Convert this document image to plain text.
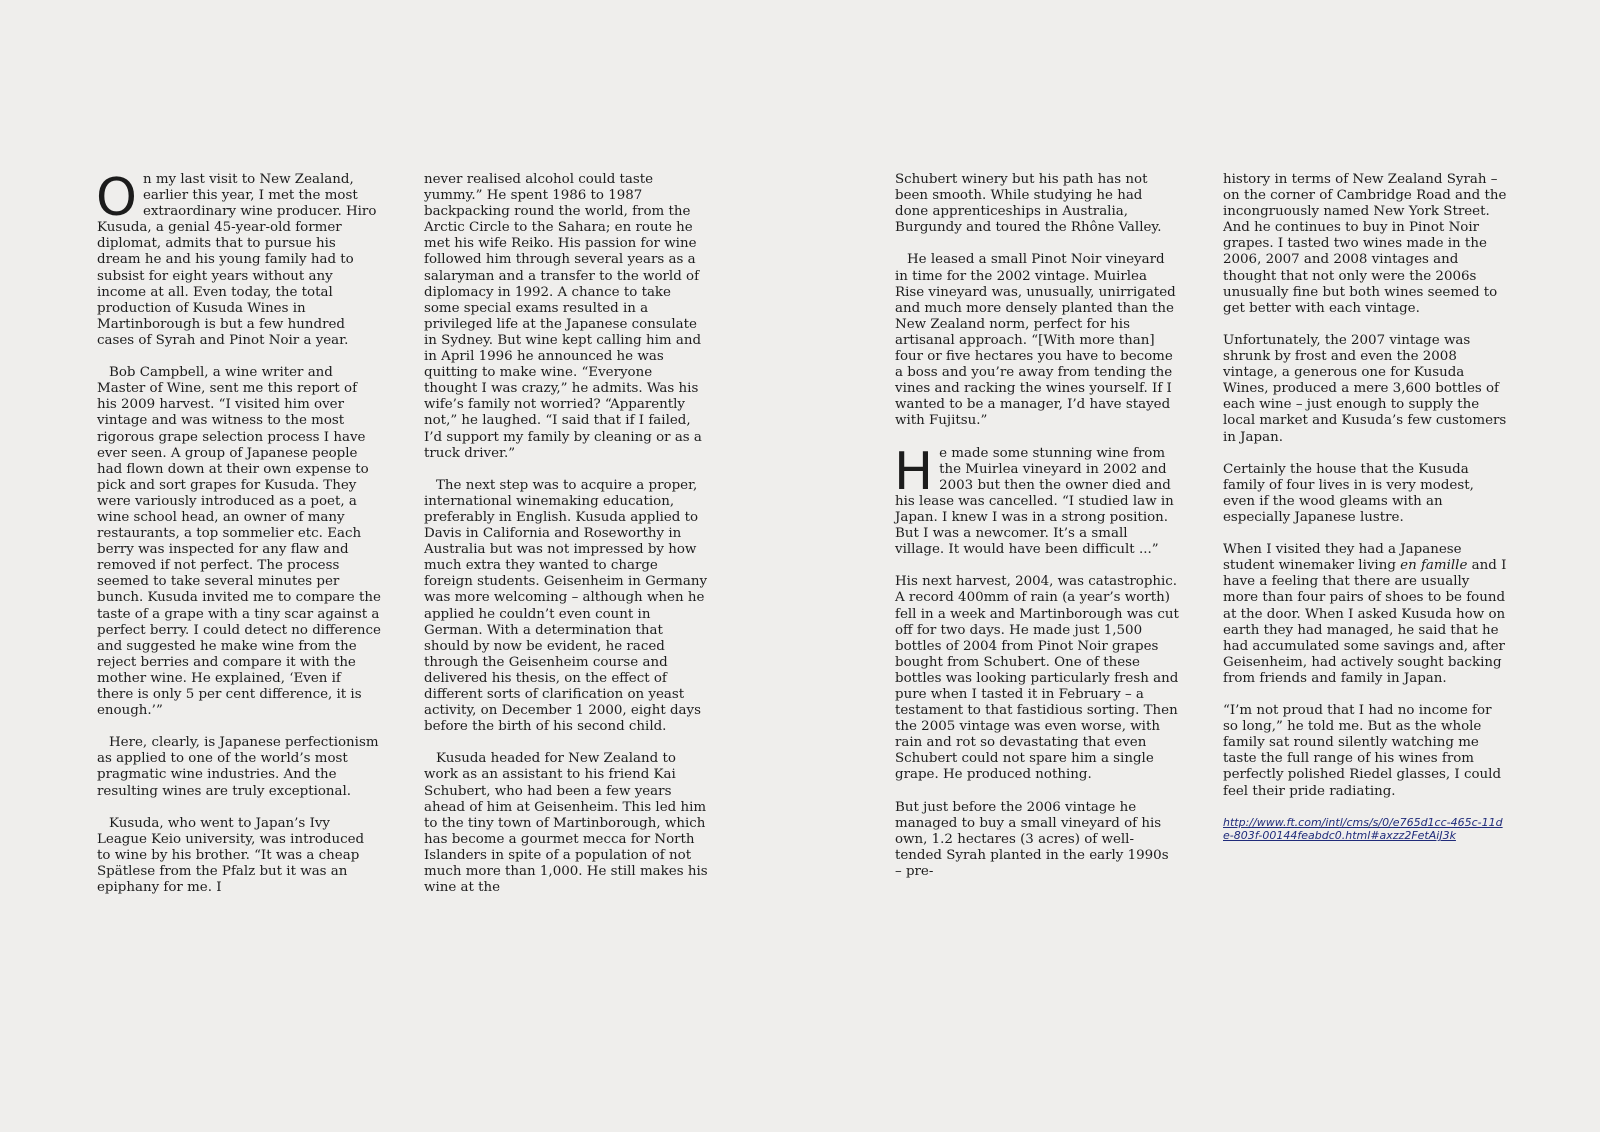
On my last visit to New Zealand, earlier this year, I met the most extraordinary wine producer. Hiro Kusuda, a genial 45-year-old former diplomat, admits that to pursue his dream he and his young family had to subsist for eight years without any income at all. Even today, the total production of Kusuda Wines in Martinborough is but a few hundred cases of Syrah and Pinot Noir a year.

Bob Campbell, a wine writer and Master of Wine, sent me this report of his 2009 harvest. “I visited him over vintage and was witness to the most rigorous grape selection process I have ever seen. A group of Japanese people had flown down at their own expense to pick and sort grapes for Kusuda. They were variously introduced as a poet, a wine school head, an owner of many restaurants, a top sommelier etc. Each berry was inspected for any flaw and removed if not perfect. The process seemed to take several minutes per bunch. Kusuda invited me to compare the taste of a grape with a tiny scar against a perfect berry. I could detect no difference and suggested he make wine from the reject berries and compare it with the mother wine. He explained, ‘Even if there is only 5 per cent difference, it is enough.’”

Here, clearly, is Japanese perfectionism as applied to one of the world’s most pragmatic wine industries. And the resulting wines are truly exceptional.

Kusuda, who went to Japan’s Ivy League Keio university, was introduced to wine by his brother. “It was a cheap Spätlese from the Pfalz but it was an epiphany for me. I

never realised alcohol could taste yummy.” He spent 1986 to 1987 backpacking round the world, from the Arctic Circle to the Sahara; en route he met his wife Reiko. His passion for wine followed him through several years as a salaryman and a transfer to the world of diplomacy in 1992. A chance to take some special exams resulted in a privileged life at the Japanese consulate in Sydney. But wine kept calling him and in April 1996 he announced he was quitting to make wine. “Everyone thought I was crazy,” he admits. Was his wife’s family not worried? “Apparently not,” he laughed. “I said that if I failed, I’d support my family by cleaning or as a truck driver.”

The next step was to acquire a proper, international winemaking education, preferably in English. Kusuda applied to Davis in California and Roseworthy in Australia but was not impressed by how much extra they wanted to charge foreign students. Geisenheim in Germany was more welcoming – although when he applied he couldn’t even count in German. With a determination that should by now be evident, he raced through the Geisenheim course and delivered his thesis, on the effect of different sorts of clarification on yeast activity, on December 1 2000, eight days before the birth of his second child.

Kusuda headed for New Zealand to work as an assistant to his friend Kai Schubert, who had been a few years ahead of him at Geisenheim. This led him to the tiny town of Martinborough, which has become a gourmet mecca for North Islanders in spite of a population of not much more than 1,000. He still makes his wine at the

Schubert winery but his path has not been smooth. While studying he had done apprenticeships in Australia, Burgundy and toured the Rhône Valley.

He leased a small Pinot Noir vineyard in time for the 2002 vintage. Muirlea Rise vineyard was, unusually, unirrigated and much more densely planted than the New Zealand norm, perfect for his artisanal approach. “[With more than] four or five hectares you have to become a boss and you’re away from tending the vines and racking the wines yourself. If I wanted to be a manager, I’d have stayed with Fujitsu.”

He made some stunning wine from the Muirlea vineyard in 2002 and 2003 but then the owner died and his lease was cancelled. “I studied law in Japan. I knew I was in a strong position. But I was a newcomer. It’s a small village. It would have been difficult ...”

His next harvest, 2004, was catastrophic. A record 400mm of rain (a year’s worth) fell in a week and Martinborough was cut off for two days. He made just 1,500 bottles of 2004 from Pinot Noir grapes bought from Schubert. One of these bottles was looking particularly fresh and pure when I tasted it in February – a testament to that fastidious sorting. Then the 2005 vintage was even worse, with rain and rot so devastating that even Schubert could not spare him a single grape. He produced nothing.

But just before the 2006 vintage he managed to buy a small vineyard of his own, 1.2 hectares (3 acres) of well-tended Syrah planted in the early 1990s – pre-

history in terms of New Zealand Syrah – on the corner of Cambridge Road and the incongruously named New York Street. And he continues to buy in Pinot Noir grapes. I tasted two wines made in the 2006, 2007 and 2008 vintages and thought that not only were the 2006s unusually fine but both wines seemed to get better with each vintage.

Unfortunately, the 2007 vintage was shrunk by frost and even the 2008 vintage, a generous one for Kusuda Wines, produced a mere 3,600 bottles of each wine – just enough to supply the local market and Kusuda’s few customers in Japan.

Certainly the house that the Kusuda family of four lives in is very modest, even if the wood gleams with an especially Japanese lustre.

When I visited they had a Japanese student winemaker living en famille and I have a feeling that there are usually more than four pairs of shoes to be found at the door. When I asked Kusuda how on earth they had managed, he said that he had accumulated some savings and, after Geisenheim, had actively sought backing from friends and family in Japan.

“I’m not proud that I had no income for so long,” he told me. But as the whole family sat round silently watching me taste the full range of his wines from perfectly polished Riedel glasses, I could feel their pride radiating.

http://www.ft.com/intl/cms/s/0/e765d1cc-465c-11de-803f-00144feabdc0.html#axzz2FetAiJ3k
